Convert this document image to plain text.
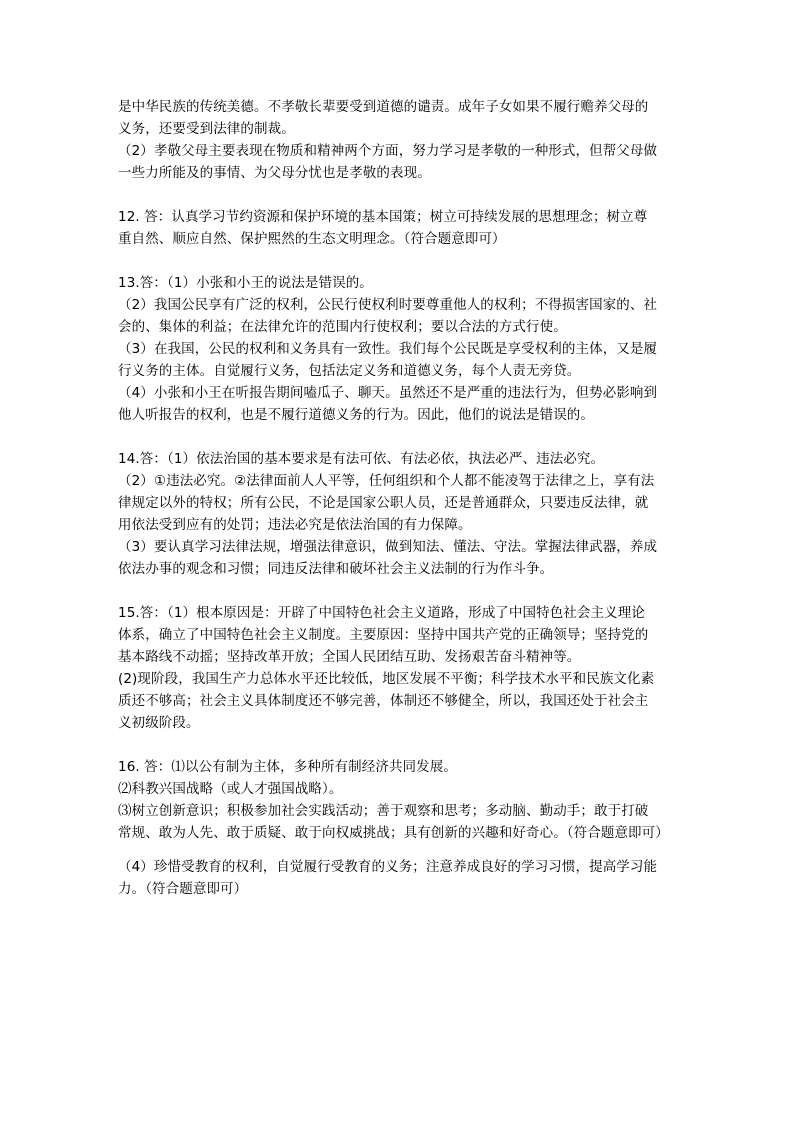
是中华民族的传统美德。不孝敬长辈要受到道德的谴责。成年子女如果不履行赡养父母的
义务，还要受到法律的制裁。
（2）孝敬父母主要表现在物质和精神两个方面，努力学习是孝敬的一种形式，但帮父母做
一些力所能及的事情、为父母分忧也是孝敬的表现。
12. 答：认真学习节约资源和保护环境的基本国策；树立可持续发展的思想理念；树立尊
重自然、顺应自然、保护熙然的生态文明理念。（符合题意即可）
13.答：（1）小张和小王的说法是错误的。
（2）我国公民享有广泛的权利，公民行使权利时要尊重他人的权利；不得损害国家的、社
会的、集体的利益；在法律允许的范围内行使权利；要以合法的方式行使。
（3）在我国，公民的权利和义务具有一致性。我们每个公民既是享受权利的主体，又是履
行义务的主体。自觉履行义务，包括法定义务和道德义务，每个人责无旁贷。
（4）小张和小王在听报告期间嗑瓜子、聊天。虽然还不是严重的违法行为，但势必影响到
他人听报告的权利，也是不履行道德义务的行为。因此，他们的说法是错误的。
14.答：（1）依法治国的基本要求是有法可依、有法必依，执法必严、违法必究。
（2）①违法必究。②法律面前人人平等，任何组织和个人都不能凌驾于法律之上，享有法
律规定以外的特权；所有公民，不论是国家公职人员，还是普通群众，只要违反法律，就
用依法受到应有的处罚；违法必究是依法治国的有力保障。
（3）要认真学习法律法规，增强法律意识，做到知法、懂法、守法。掌握法律武器，养成
依法办事的观念和习惯；同违反法律和破坏社会主义法制的行为作斗争。
15.答：（1）根本原因是：开辟了中国特色社会主义道路，形成了中国特色社会主义理论
体系，确立了中国特色社会主义制度。主要原因：坚持中国共产党的正确领导；坚持党的
基本路线不动摇；坚持改革开放；全国人民团结互助、发扬艰苦奋斗精神等。
(2)现阶段，我国生产力总体水平还比较低，地区发展不平衡；科学技术水平和民族文化素
质还不够高；社会主义具体制度还不够完善，体制还不够健全，所以，我国还处于社会主
义初级阶段。
16. 答：⑴以公有制为主体，多种所有制经济共同发展。
⑵科教兴国战略（或人才强国战略）。
⑶树立创新意识；积极参加社会实践活动；善于观察和思考；多动脑、勤动手；敢于打破
常规、敢为人先、敢于质疑、敢于向权威挑战；具有创新的兴趣和好奇心。（符合题意即可）
（4）珍惜受教育的权利，自觉履行受教育的义务；注意养成良好的学习习惯，提高学习能
力。（符合题意即可）
